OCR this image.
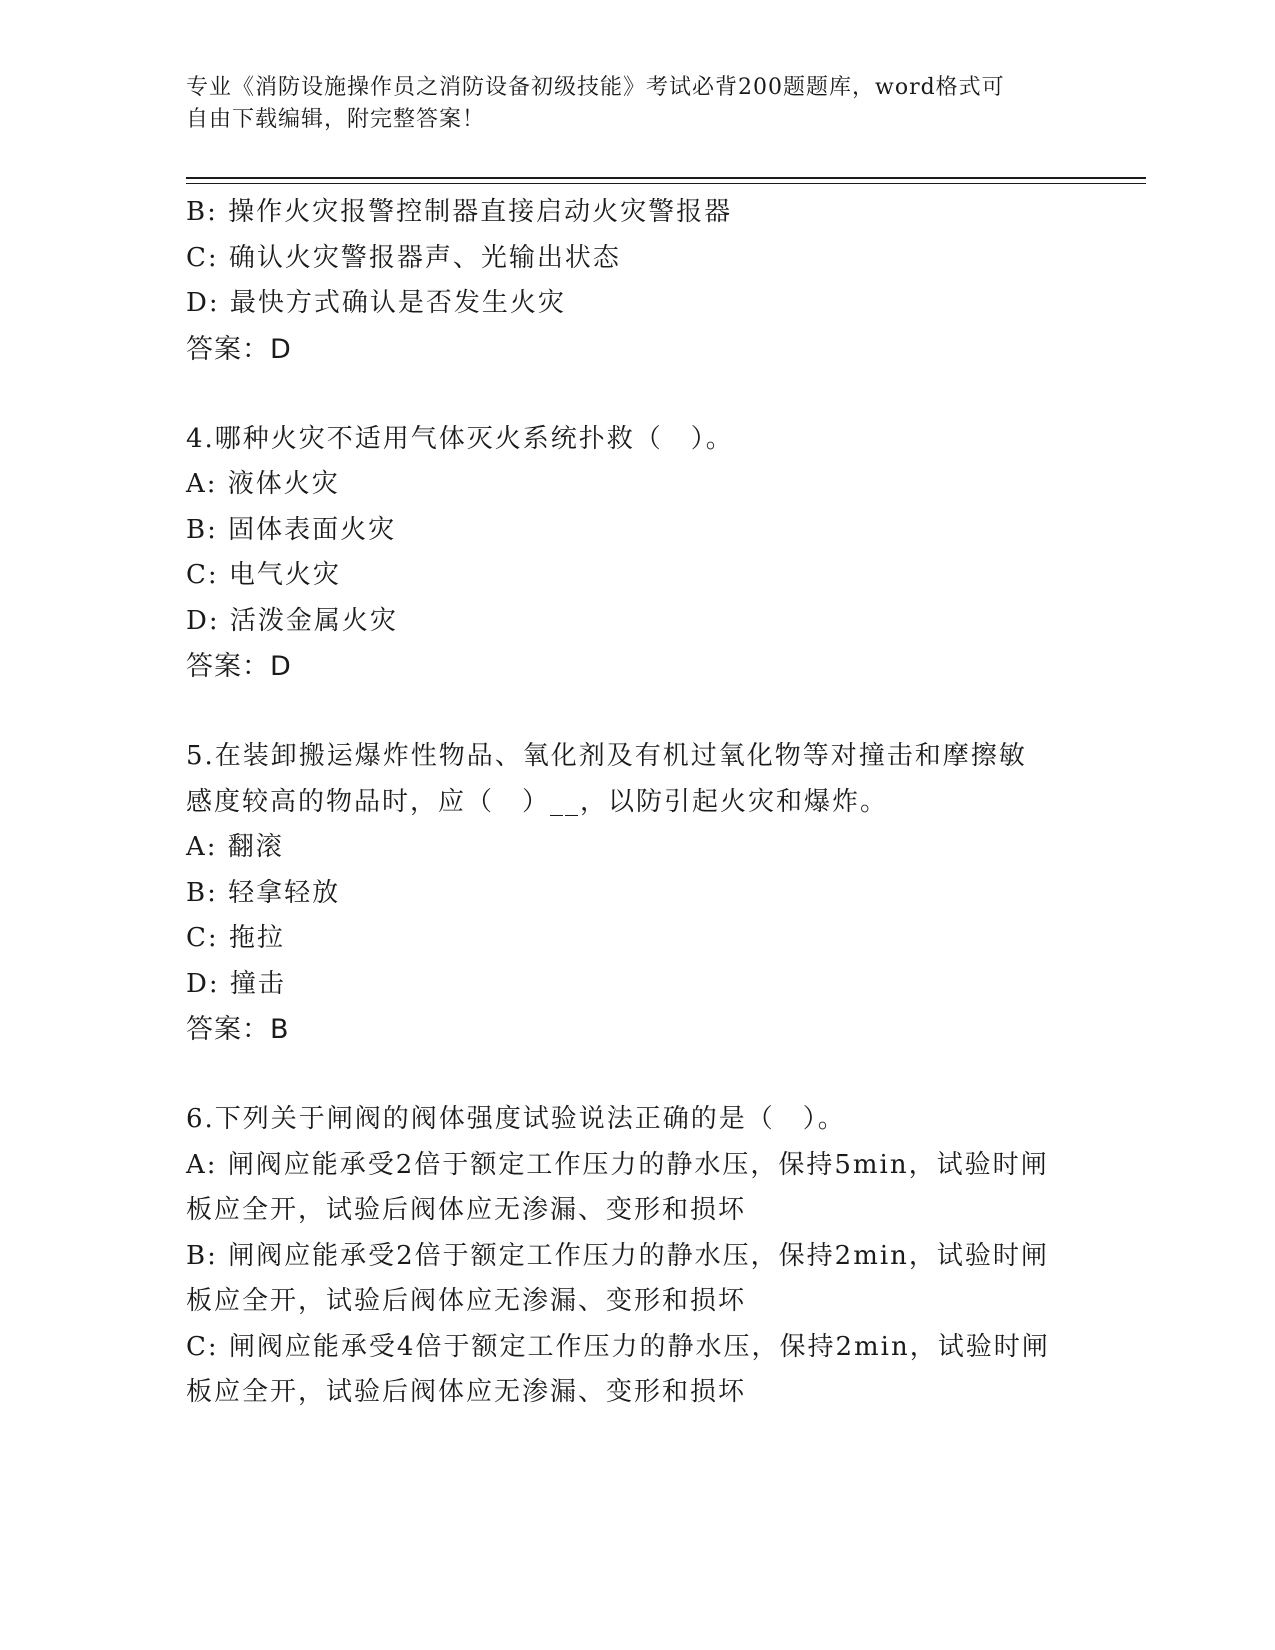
专业《消防设施操作员之消防设备初级技能》考试必背200题题库，word格式可
自由下载编辑，附完整答案！
B: 操作火灾报警控制器直接启动火灾警报器
C: 确认火灾警报器声、光输出状态
D: 最快方式确认是否发生火灾
答案：D
4.哪种火灾不适用气体灭火系统扑救（　）。
A: 液体火灾
B: 固体表面火灾
C: 电气火灾
D: 活泼金属火灾
答案：D
5.在装卸搬运爆炸性物品、氧化剂及有机过氧化物等对撞击和摩擦敏
感度较高的物品时，应（　）__，以防引起火灾和爆炸。
A: 翻滚
B: 轻拿轻放
C: 拖拉
D: 撞击
答案：B
6.下列关于闸阀的阀体强度试验说法正确的是（　）。
A: 闸阀应能承受2倍于额定工作压力的静水压，保持5min，试验时闸
板应全开，试验后阀体应无渗漏、变形和损坏
B: 闸阀应能承受2倍于额定工作压力的静水压，保持2min，试验时闸
板应全开，试验后阀体应无渗漏、变形和损坏
C: 闸阀应能承受4倍于额定工作压力的静水压，保持2min，试验时闸
板应全开，试验后阀体应无渗漏、变形和损坏
